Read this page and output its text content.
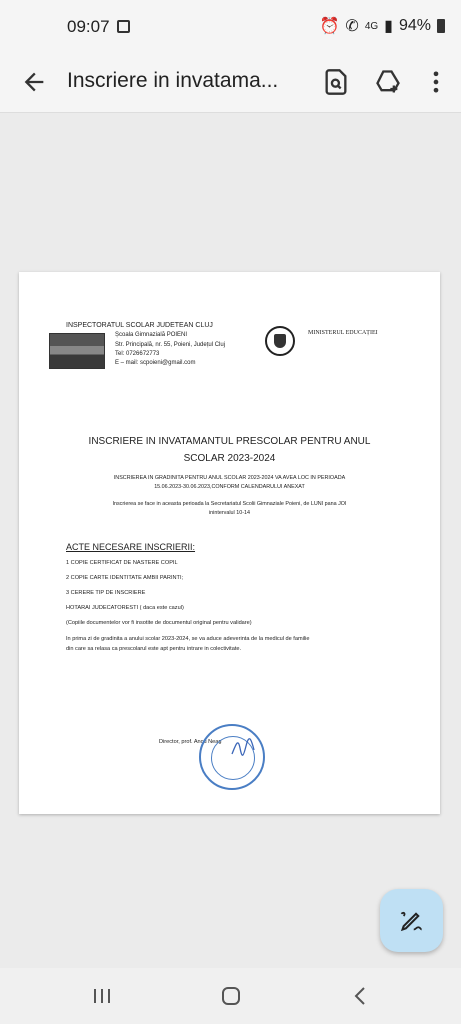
09:07	⏰ ✆ 4G ▮ 94%
Inscriere in invatama...
INSPECTORATUL SCOLAR JUDETEAN CLUJ
Școala Gimnazială POIENI
Str. Principală, nr. 55, Poieni, Județul Cluj
Tel: 0726672773
E – mail: scpoieni@gmail.com
MINISTERUL EDUCAȚIEI
INSCRIERE IN INVATAMANTUL PRESCOLAR PENTRU ANUL
SCOLAR 2023-2024
INSCRIEREA IN GRADINITA PENTRU ANUL SCOLAR 2023-2024 VA AVEA LOC IN PERIOADA
15.06.2023-30.06.2023,CONFORM CALENDARULUI ANEXAT
Inscrierea se face in aceasta perioada la Secretariatul Scolii Gimnaziale Poieni, de LUNI pana JOI
inintervalul 10-14
ACTE NECESARE INSCRIERII:
1 COPIE CERTIFICAT DE NASTERE COPIL
2 COPIE CARTE IDENTITATE AMBII PARINTI;
3 CERERE TIP DE INSCRIERE
HOTARAI JUDECATORESTI ( daca este cazul)
(Copiile documentelor vor fi insotite de documentul original pentru validare)
In prima zi de gradinita a anului scolar 2023-2024, se va aduce adeverinta de la medicul de familie
din care sa relasa ca prescolarul este apt pentru intrare in colectivitate.
Director, prof. Ancu Neag
